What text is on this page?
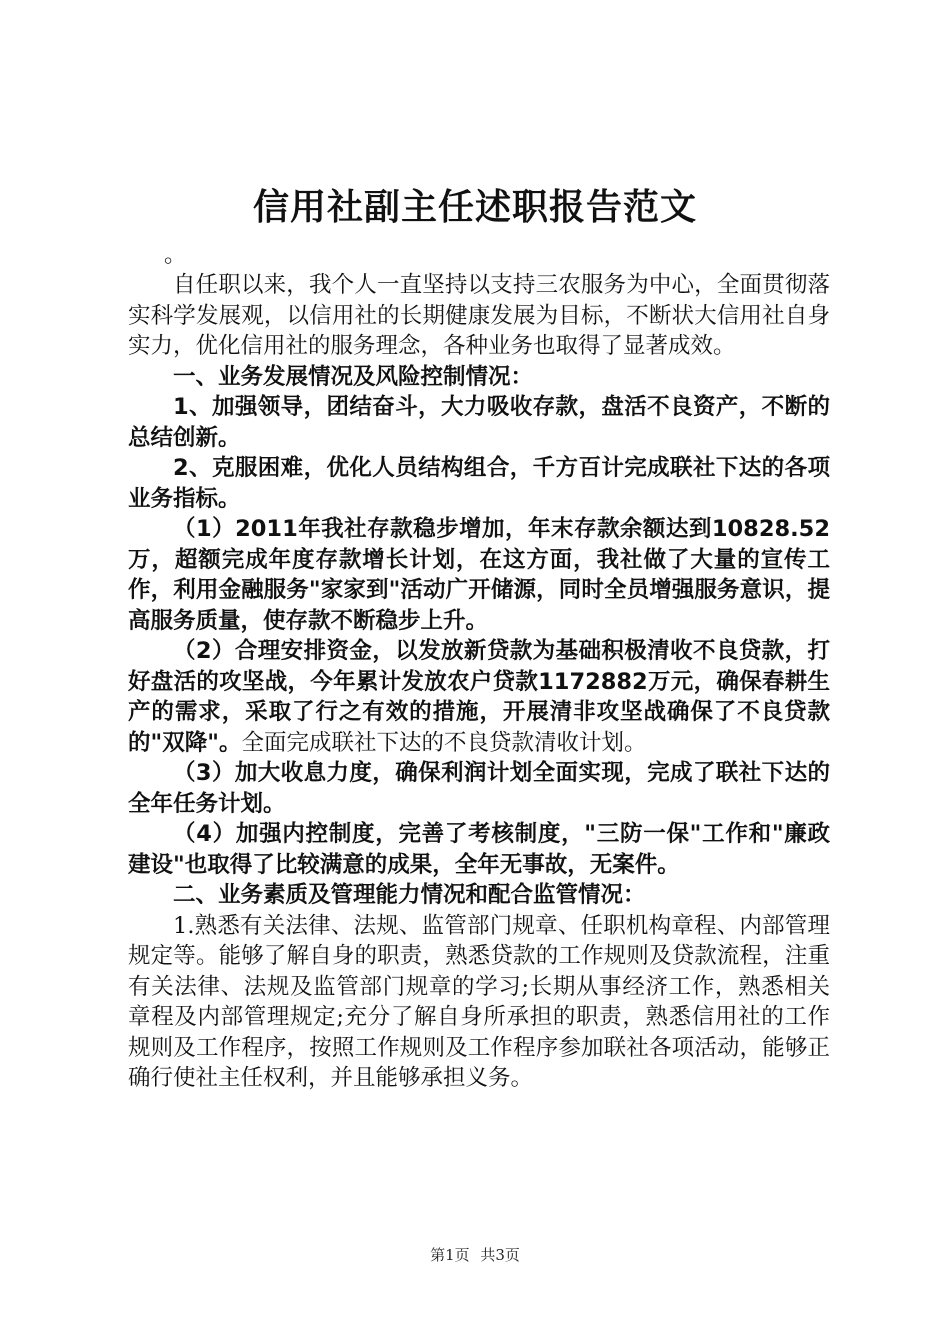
信用社副主任述职报告范文

。

自任职以来，我个人一直坚持以支持三农服务为中心，全面贯彻落实科学发展观，以信用社的长期健康发展为目标，不断状大信用社自身实力，优化信用社的服务理念，各种业务也取得了显著成效。

一、业务发展情况及风险控制情况：

1、加强领导，团结奋斗，大力吸收存款，盘活不良资产，不断的总结创新。

2、克服困难，优化人员结构组合，千方百计完成联社下达的各项业务指标。

（1）2011年我社存款稳步增加，年末存款余额达到10828.52万，超额完成年度存款增长计划，在这方面，我社做了大量的宣传工作，利用金融服务"家家到"活动广开储源，同时全员增强服务意识，提高服务质量，使存款不断稳步上升。

（2）合理安排资金，以发放新贷款为基础积极清收不良贷款，打好盘活的攻坚战，今年累计发放农户贷款1172882万元，确保春耕生产的需求，采取了行之有效的措施，开展清非攻坚战确保了不良贷款的"双降"。全面完成联社下达的不良贷款清收计划。

（3）加大收息力度，确保利润计划全面实现，完成了联社下达的全年任务计划。

（4）加强内控制度，完善了考核制度，"三防一保"工作和"廉政建设"也取得了比较满意的成果，全年无事故，无案件。

二、业务素质及管理能力情况和配合监管情况：

1.熟悉有关法律、法规、监管部门规章、任职机构章程、内部管理规定等。能够了解自身的职责，熟悉贷款的工作规则及贷款流程，注重有关法律、法规及监管部门规章的学习;长期从事经济工作，熟悉相关章程及内部管理规定;充分了解自身所承担的职责，熟悉信用社的工作规则及工作程序，按照工作规则及工作程序参加联社各项活动，能够正确行使社主任权利，并且能够承担义务。

第1页 共3页
